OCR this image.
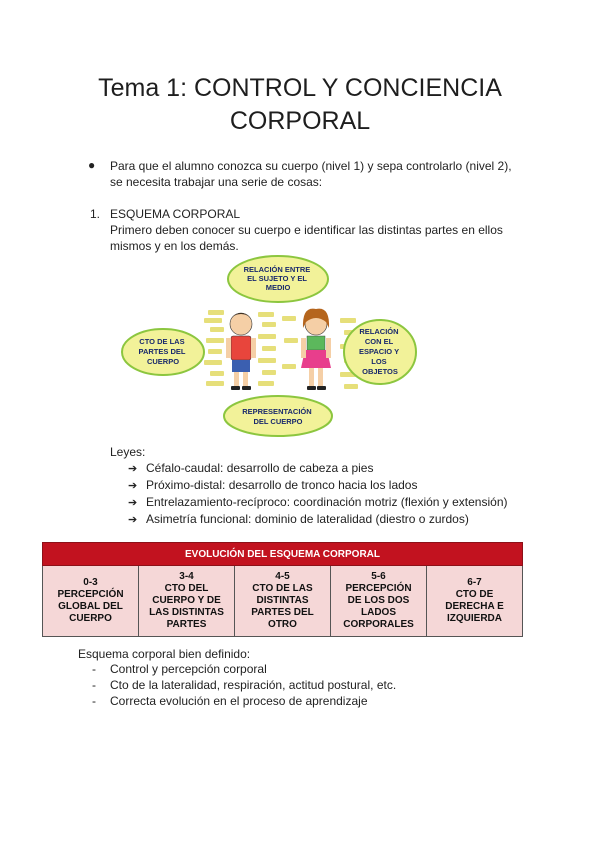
Tema 1: CONTROL Y CONCIENCIA
CORPORAL
● Para que el alumno conozca su cuerpo (nivel 1) y sepa controlarlo (nivel 2),
se necesita trabajar una serie de cosas:
1. ESQUEMA CORPORAL
Primero deben conocer su cuerpo e identificar las distintas partes en ellos
mismos y en los demás.
RELACIÓN ENTRE EL SUJETO Y EL MEDIO
CTO DE LAS PARTES DEL CUERPO
RELACIÓN CON EL ESPACIO Y LOS OBJETOS
REPRESENTACIÓN DEL CUERPO
Leyes:
➔ Céfalo-caudal: desarrollo de cabeza a pies
➔ Próximo-distal: desarrollo de tronco hacia los lados
➔ Entrelazamiento-recíproco: coordinación motriz (flexión y extensión)
➔ Asimetría funcional: dominio de lateralidad (diestro o zurdos)
EVOLUCIÓN DEL ESQUEMA CORPORAL

0-3
PERCEPCIÓN
GLOBAL DEL
CUERPO

3-4
CTO DEL
CUERPO Y DE
LAS DISTINTAS
PARTES

4-5
CTO DE LAS
DISTINTAS
PARTES DEL
OTRO

5-6
PERCEPCIÓN
DE LOS DOS
LADOS
CORPORALES

6-7
CTO DE
DERECHA E
IZQUIERDA
Esquema corporal bien definido:
- Control y percepción corporal
- Cto de la lateralidad, respiración, actitud postural, etc.
- Correcta evolución en el proceso de aprendizaje
